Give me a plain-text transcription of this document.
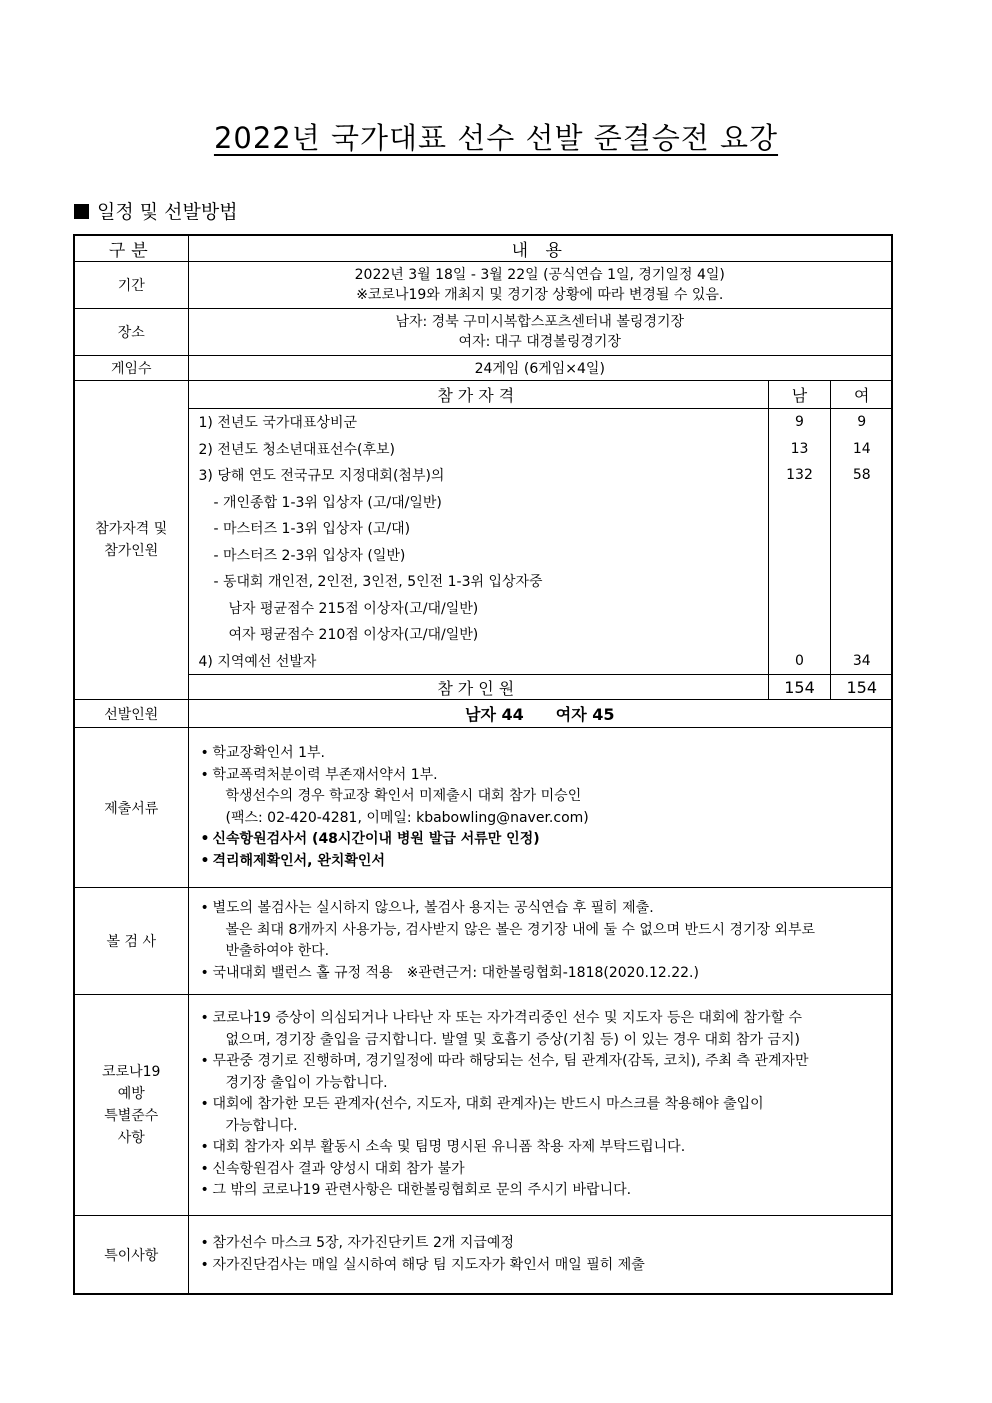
2022년 국가대표 선수 선발 준결승전 요강
일정 및 선발방법
구분	내 용
기간	
2022년 3월 18일 - 3월 22일 (공식연습 1일, 경기일정 4일)
※코로나19와 개최지 및 경기장 상황에 따라 변경될 수 있음.

장소	
남자: 경북 구미시복합스포츠센터내 볼링경기장
여자: 대구 대경볼링경기장

게임수	24게임 (6게임×4일)

참가자격 및
참가인원

참가자격	남	여
1) 전년도 국가대표상비군	9	9
2) 전년도 청소년대표선수(후보)	13	14
3) 당해 연도 전국규모 지정대회(첨부)의	132	58
- 개인종합 1-3위 입상자 (고/대/일반)		
- 마스터즈 1-3위 입상자 (고/대)		
- 마스터즈 2-3위 입상자 (일반)		
- 동대회 개인전, 2인전, 3인전, 5인전 1-3위 입상자중		
남자 평균점수 215점 이상자(고/대/일반)		
여자 평균점수 210점 이상자(고/대/일반)		
4) 지역예선 선발자	0	34
참가인원	154	154

선발인원	남자 44　　여자 45
제출서류	
• 학교장확인서 1부.
• 학교폭력처분이력 부존재서약서 1부.
학생선수의 경우 학교장 확인서 미제출시 대회 참가 미승인
(팩스: 02-420-4281, 이메일: kbabowling@naver.com)
• 신속항원검사서 (48시간이내 병원 발급 서류만 인정)
• 격리해제확인서, 완치확인서

볼 검 사	
• 별도의 볼검사는 실시하지 않으나, 볼검사 용지는 공식연습 후 필히 제출.
볼은 최대 8개까지 사용가능, 검사받지 않은 볼은 경기장 내에 둘 수 없으며 반드시 경기장 외부로
반출하여야 한다.
• 국내대회 밸런스 홀 규정 적용　※관련근거: 대한볼링협회-1818(2020.12.22.)

코로나19
예방
특별준수
사항

• 코로나19 증상이 의심되거나 나타난 자 또는 자가격리중인 선수 및 지도자 등은 대회에 참가할 수
없으며, 경기장 출입을 금지합니다. 발열 및 호흡기 증상(기침 등) 이 있는 경우 대회 참가 금지)
• 무관중 경기로 진행하며, 경기일정에 따라 해당되는 선수, 팀 관계자(감독, 코치), 주최 측 관계자만
경기장 출입이 가능합니다.
• 대회에 참가한 모든 관계자(선수, 지도자, 대회 관계자)는 반드시 마스크를 착용해야 출입이
가능합니다.
• 대회 참가자 외부 활동시 소속 및 팀명 명시된 유니폼 착용 자제 부탁드립니다.
• 신속항원검사 결과 양성시 대회 참가 불가
• 그 밖의 코로나19 관련사항은 대한볼링협회로 문의 주시기 바랍니다.

특이사항	
• 참가선수 마스크 5장, 자가진단키트 2개 지급예정
• 자가진단검사는 매일 실시하여 해당 팀 지도자가 확인서 매일 필히 제출
